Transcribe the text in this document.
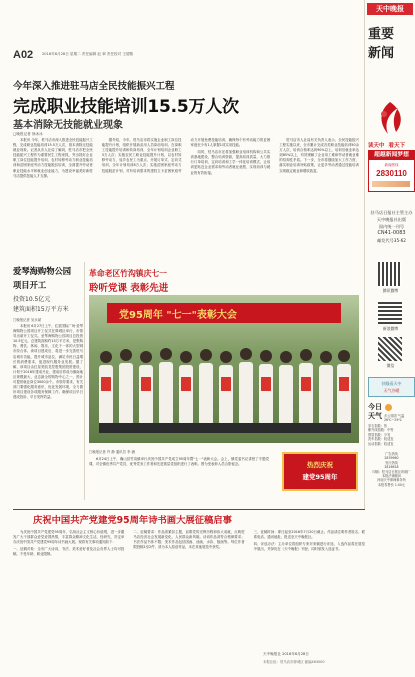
A02 2016年6月28日 星期二 责任编辑 赵 翠 责任校对 王德敬
天中晚报
重要
新闻
读天中 看天下
超越新闻梦想
新闻热线
2830110
驻马店日报社主管主办
天中晚报社出版
国内统一刊号
CN41-0083
邮发代号35-62
腾讯微博
新浪微博
微信
扶眼看天中
天气冷暖
今日
天气 多云转阴 气温 26℃~29℃
穿衣指数：热
紫外线指数：中等
感冒指数：少发
洗车指数：较适宜
运动指数：较适宜
广告热线
2839960
发行热线
2816618
印刷：驻马店日报社印刷厂
本报法律顾问
河南天中律师事务所
本报零售价 1.00元
今年深入推进驻马店全民技能振兴工程
完成职业技能培训15.5万人次
基本消除无技能就业现象
□晚报记者 徐冰冰

本报讯 今年，驻马店市深入推进全民技能振兴工程，完成职业技能培训15.5万人次，基本消除无技能就业现象。记者从市人社局了解到，驻马店市把全民技能振兴工程作为重要民生工程来抓，突出抓好企业职工岗位技能提升培训、农村转移劳动力职业技能培训和贫困家庭劳动力技能脱贫培训，全面提升劳动者职业技能水平和就业创业能力，为建设幸福美好新驻马店提供技能人才支撑。

据介绍，今年，驻马店市将实施企业职工岗位技能提升计划，组织开展新录用人员岗前培训、在岗职工技能提升培训和转岗培训，全年计划培训企业职工3万人次；实施农民工职业技能提升计划，以农村转移劳动力、返乡农民工为重点，开展订单式、定向式培训，全年计划培训8万人次；实施贫困家庭劳动力技能脱贫计划，对有培训需求的建档立卡贫困家庭劳动力开展免费技能培训，确保每个有劳动能力的贫困家庭至少有1人掌握1项实用技能。

同时，驻马店市还将加强职业培训机构和公共实训基地建设，整合培训资源，提高培训质量，大力推行订单培训、定向培训和工学一体化培训模式，让培训更贴近企业需求和劳动者就业意愿，实现培训与就业的有效衔接。

驻马店市人社局有关负责人表示，全民技能振兴工程实施以来，全市累计完成各类职业技能培训50余万人次，培训合格率达到90%以上，培训后就业率达到85%以上，有效缓解了企业用工难和劳动者就业难的结构性矛盾。下一步，全市将继续加大工作力度，落实职业培训补贴政策，让更多劳动者通过技能培训实现稳定就业和增收致富。

爱琴海购物公园
项目开工
投资10.5亿元
建筑面积15万平方米
□晚报记者 吴永斌

本报讯 6月27日上午，红星国际广场·爱琴海购物公园项目开工仪式在驿城区举行，市领导出席开工仪式。爱琴海购物公园项目总投资10.5亿元，总建筑面积约15万平方米，是集购物、餐饮、休闲、娱乐、文化于一体的大型城市综合体。该项目建成后，将进一步完善驻马店城市功能，提升城市品位，满足市民日益增长的消费需求，促进现代服务业发展。据了解，该项目由红星美凯龙控股集团投资建设，计划于2018年建成开业，建成后将成为豫南地区规模最大、业态最全的购物中心之一，预计可提供就业岗位3000余个。市领导要求，有关部门要强化服务意识，优化发展环境，全力做好项目建设各项服务保障工作，确保项目早日建成投用、早日发挥效益。

革命老区竹沟镇庆七一
聆听党课 表彰先进
党95周年 "七一"表彰大会
□晚报记者 许 静 通讯员 李 涵

6月24日上午，确山县竹沟镇举行庆祝中国共产党成立95周年暨"七一"表彰大会。会上，镇党委书记讲授了专题党课，对全镇优秀共产党员、优秀党务工作者和先进基层党组织进行了表彰。图为受表彰人员合影留念。	热烈庆祝
建党95周年
庆祝中国共产党建党95周年诗书画大展征稿启事

为庆祝中国共产党建党95周年，弘扬社会主义核心价值观，进一步激发广大干部群众爱党爱国热情，丰富群众精神文化生活，经研究，决定举办庆祝中国共产党建党95周年诗书画大展。现将有关事项通知如下：

一、征稿对象：全市广大诗词、书法、美术爱好者及社会各界人士均可投稿，不受年龄、职业限制。

二、征稿要求：作品须紧扣主题，讴歌党的光辉历程和伟大成就，反映驻马店经济社会发展新变化、人民群众新风貌。诗词作品须符合格律要求；书法作品书体不限；美术作品包括国画、油画、水彩、版画等。每位作者限投稿1至2件，须为本人原创作品，未在其他展览中获奖。

三、征稿时间：即日起至2016年7月20日截止。作品请注明作者姓名、联系电话、通讯地址，报送至天中晚报社。

四、评选办法：主办单位将组织专家对来稿进行评选，入选作品将在展览中展出，并择优在《天中晚报》刊登，同时颁发入选证书。

天中晚报社 2016年6月28日
本报社址：驻马店市驿城区 邮编463000
